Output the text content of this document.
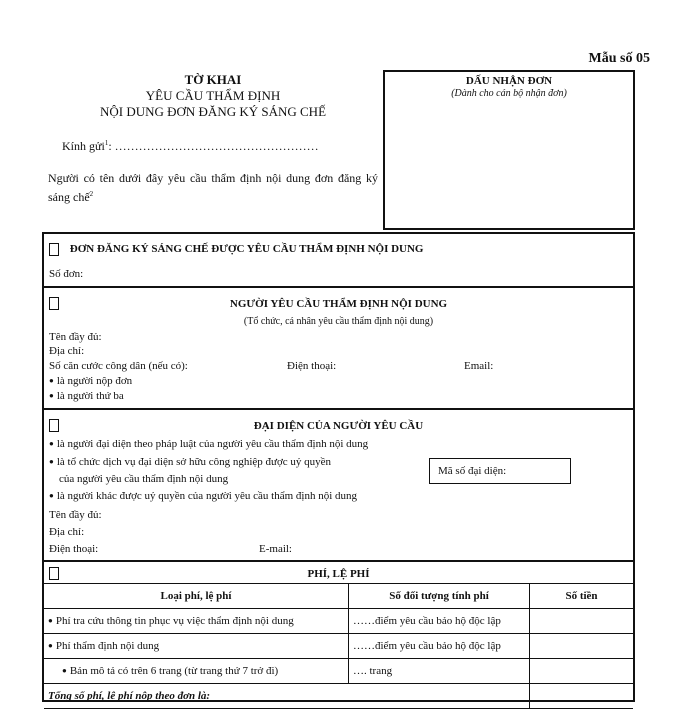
Mẫu số 05
TỜ KHAI
YÊU CẦU THẨM ĐỊNH
NỘI DUNG ĐƠN ĐĂNG KÝ SÁNG CHẾ
DẤU NHẬN ĐƠN
(Dành cho cán bộ nhận đơn)
Kính gửi$^1$: ……………………………………………
Người có tên dưới đây yêu cầu thẩm định nội dung đơn đăng ký sáng chế$^2$
ĐƠN ĐĂNG KÝ SÁNG CHẾ ĐƯỢC YÊU CẦU THẨM ĐỊNH NỘI DUNG
Số đơn:
NGƯỜI YÊU CẦU THẨM ĐỊNH NỘI DUNG
(Tổ chức, cá nhân yêu cầu thẩm định nội dung)
Tên đầy đủ:
Địa chỉ:
Số căn cước công dân (nếu có):	Điện thoại:	Email:
● là người nộp đơn
● là người thứ ba
ĐẠI DIỆN CỦA NGƯỜI YÊU CẦU
● là người đại diện theo pháp luật của người yêu cầu thẩm định nội dung
● là tổ chức dịch vụ đại diện sở hữu công nghiệp được uỷ quyền
của người yêu cầu thẩm định nội dung
Mã số đại diện:
● là người khác được uỷ quyền của người yêu cầu thẩm định nội dung
Tên đầy đủ:
Địa chỉ:
Điện thoại:	E-mail:
PHÍ, LỆ PHÍ
Loại phí, lệ phí	Số đối tượng tính phí	Số tiền
● Phí tra cứu thông tin phục vụ việc thẩm định nội dung	……điểm yêu cầu bảo hộ độc lập	
● Phí thẩm định nội dung	……điểm yêu cầu bảo hộ độc lập	
● Bản mô tả có trên 6 trang (từ trang thứ 7 trở đi)	…. trang	
Tổng số phí, lệ phí nộp theo đơn là:		
